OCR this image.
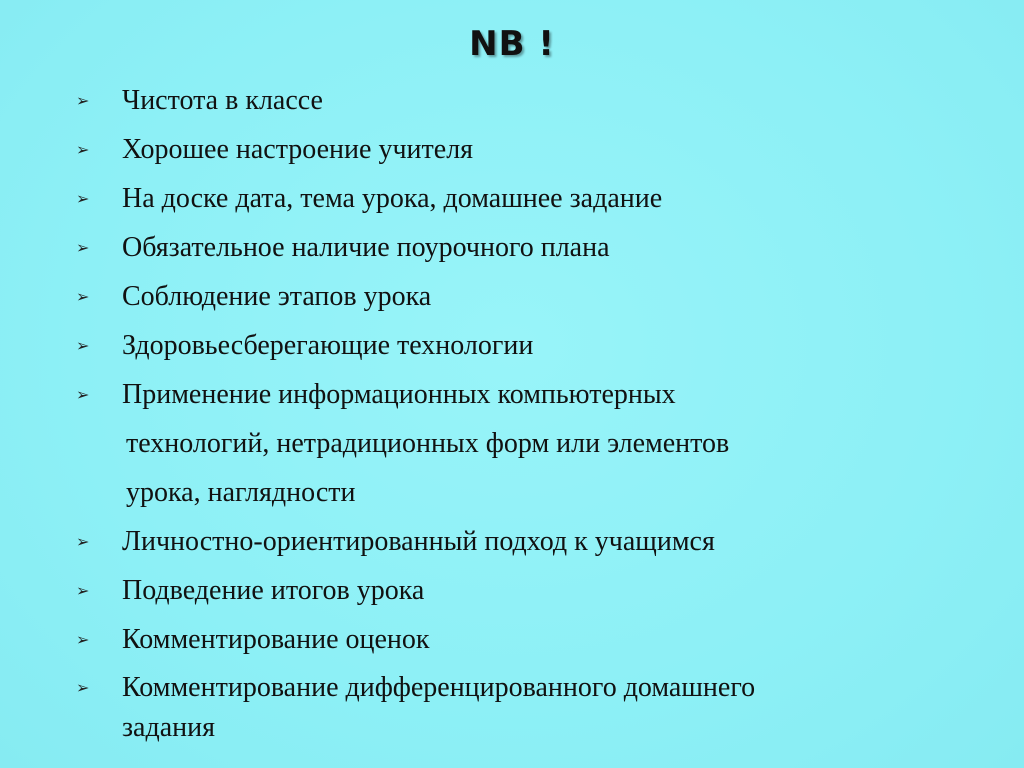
NB !
➢ Чистота в классе
➢ Хорошее настроение учителя
➢ На доске дата, тема урока, домашнее задание
➢ Обязательное наличие поурочного плана
➢ Соблюдение этапов урока
➢ Здоровьесберегающие технологии
➢ Применение информационных компьютерных
технологий, нетрадиционных форм или элементов
урока, наглядности
➢ Личностно-ориентированный подход к учащимся
➢ Подведение итогов урока
➢ Комментирование оценок
➢ Комментирование дифференцированного домашнего
задания
